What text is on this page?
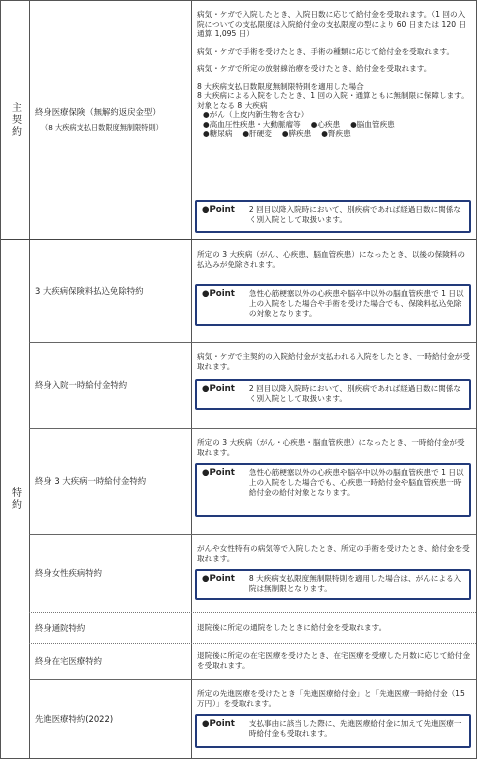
主契約
特約
終身医療保険（無解約返戻金型）
（8 大疾病支払日数限度無制限特則）

病気・ケガで入院したとき、入院日数に応じて給付金を受取れます。（1 回の入院についての支払限度は入院給付金の支払限度の型により 60 日または 120 日　通算 1,095 日）

病気・ケガで手術を受けたとき、手術の種類に応じて給付金を受取れます。

病気・ケガで所定の放射線治療を受けたとき、給付金を受取れます。

8 大疾病支払日数限度無制限特則を適用した場合

8 大疾病による入院をしたとき、1 回の入院・通算ともに無制限に保障します。

対象となる 8 大疾病

●がん（上皮内新生物を含む）
●高血圧性疾患・大動脈瘤等 ●心疾患 ●脳血管疾患
●糖尿病 ●肝硬変 ●膵疾患 ●腎疾患
●Point 2 回目以降入院時において、別疾病であれば経過日数に関係なく別入院として取扱います。
3 大疾病保険料払込免除特約

所定の 3 大疾病（がん、心疾患、脳血管疾患）になったとき、以後の保険料の払込みが免除されます。

●Point 急性心筋梗塞以外の心疾患や脳卒中以外の脳血管疾患で 1 日以上の入院をした場合や手術を受けた場合でも、保険料払込免除の対象となります。
終身入院一時給付金特約

病気・ケガで主契約の入院給付金が支払われる入院をしたとき、一時給付金が受取れます。

●Point 2 回目以降入院時において、別疾病であれば経過日数に関係なく別入院として取扱います。
終身 3 大疾病一時給付金特約

所定の 3 大疾病（がん・心疾患・脳血管疾患）になったとき、一時給付金が受取れます。

●Point 急性心筋梗塞以外の心疾患や脳卒中以外の脳血管疾患で 1 日以上の入院をした場合でも、心疾患一時給付金や脳血管疾患一時給付金の給付対象となります。
終身女性疾病特約

がんや女性特有の病気等で入院したとき、所定の手術を受けたとき、給付金を受取れます。

●Point 8 大疾病支払限度無制限特則を適用した場合は、がんによる入院は無制限となります。
終身通院特約	退院後に所定の通院をしたときに給付金を受取れます。

終身在宅医療特約

退院後に所定の在宅医療を受けたとき、在宅医療を受療した月数に応じて給付金を受取れます。

先進医療特約(2022)

所定の先進医療を受けたとき「先進医療給付金」と「先進医療一時給付金（15 万円）」を受取れます。

●Point 支払事由に該当した際に、先進医療給付金に加えて先進医療一時給付金も受取れます。
